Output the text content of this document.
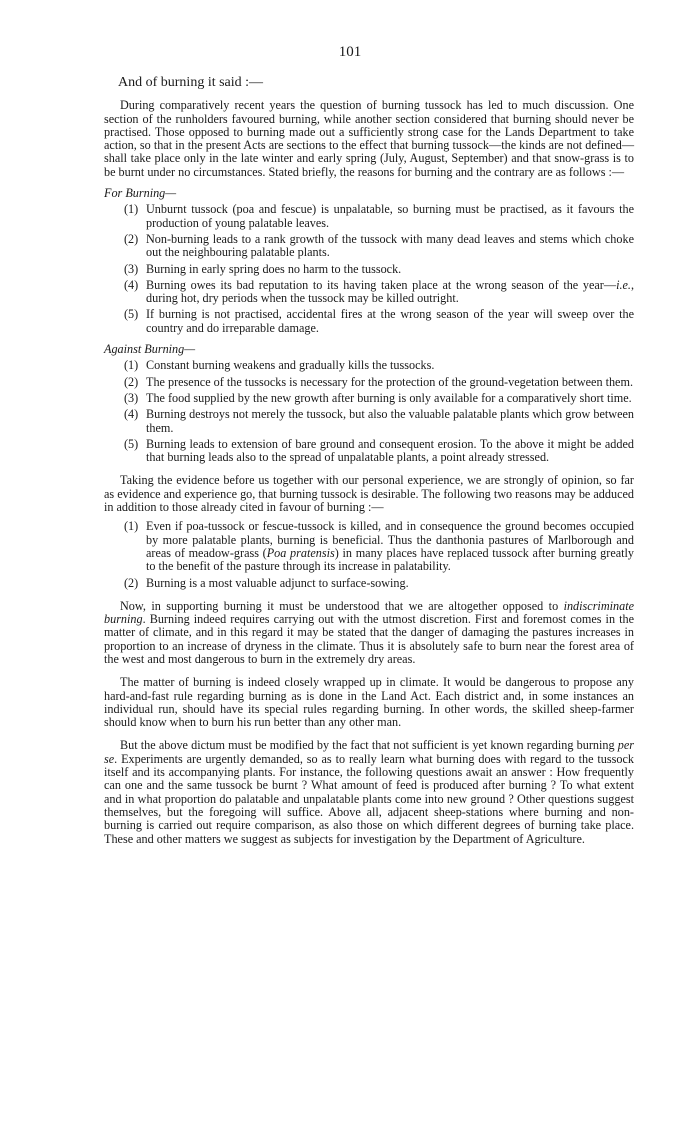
101
And of burning it said :—

During comparatively recent years the question of burning tussock has led to much discussion. One section of the runholders favoured burning, while another section considered that burning should never be practised. Those opposed to burning made out a sufficiently strong case for the Lands Department to take action, so that in the present Acts are sections to the effect that burning tussock—the kinds are not defined—shall take place only in the late winter and early spring (July, August, September) and that snow-grass is to be burnt under no circumstances. Stated briefly, the reasons for burning and the contrary are as follows :—

For Burning—
(1) Unburnt tussock (poa and fescue) is unpalatable, so burning must be practised, as it favours the production of young palatable leaves.
(2) Non-burning leads to a rank growth of the tussock with many dead leaves and stems which choke out the neighbouring palatable plants.
(3) Burning in early spring does no harm to the tussock.
(4) Burning owes its bad reputation to its having taken place at the wrong season of the year—i.e., during hot, dry periods when the tussock may be killed outright.
(5) If burning is not practised, accidental fires at the wrong season of the year will sweep over the country and do irreparable damage.
Against Burning—
(1) Constant burning weakens and gradually kills the tussocks.
(2) The presence of the tussocks is necessary for the protection of the ground-vegetation between them.
(3) The food supplied by the new growth after burning is only available for a comparatively short time.
(4) Burning destroys not merely the tussock, but also the valuable palatable plants which grow between them.
(5) Burning leads to extension of bare ground and consequent erosion. To the above it might be added that burning leads also to the spread of unpalatable plants, a point already stressed.

Taking the evidence before us together with our personal experience, we are strongly of opinion, so far as evidence and experience go, that burning tussock is desirable. The following two reasons may be adduced in addition to those already cited in favour of burning :—

(1) Even if poa-tussock or fescue-tussock is killed, and in consequence the ground becomes occupied by more palatable plants, burning is beneficial. Thus the danthonia pastures of Marlborough and areas of meadow-grass (Poa pratensis) in many places have replaced tussock after burning greatly to the benefit of the pasture through its increase in palatability.
(2) Burning is a most valuable adjunct to surface-sowing.

Now, in supporting burning it must be understood that we are altogether opposed to indiscriminate burning. Burning indeed requires carrying out with the utmost discretion. First and foremost comes in the matter of climate, and in this regard it may be stated that the danger of damaging the pastures increases in proportion to an increase of dryness in the climate. Thus it is absolutely safe to burn near the forest area of the west and most dangerous to burn in the extremely dry areas.

The matter of burning is indeed closely wrapped up in climate. It would be dangerous to propose any hard-and-fast rule regarding burning as is done in the Land Act. Each district and, in some instances an individual run, should have its special rules regarding burning. In other words, the skilled sheep-farmer should know when to burn his run better than any other man.

But the above dictum must be modified by the fact that not sufficient is yet known regarding burning per se. Experiments are urgently demanded, so as to really learn what burning does with regard to the tussock itself and its accompanying plants. For instance, the following questions await an answer : How frequently can one and the same tussock be burnt ? What amount of feed is produced after burning ? To what extent and in what proportion do palatable and unpalatable plants come into new ground ? Other questions suggest themselves, but the foregoing will suffice. Above all, adjacent sheep-stations where burning and non-burning is carried out require comparison, as also those on which different degrees of burning take place. These and other matters we suggest as subjects for investigation by the Department of Agriculture.
